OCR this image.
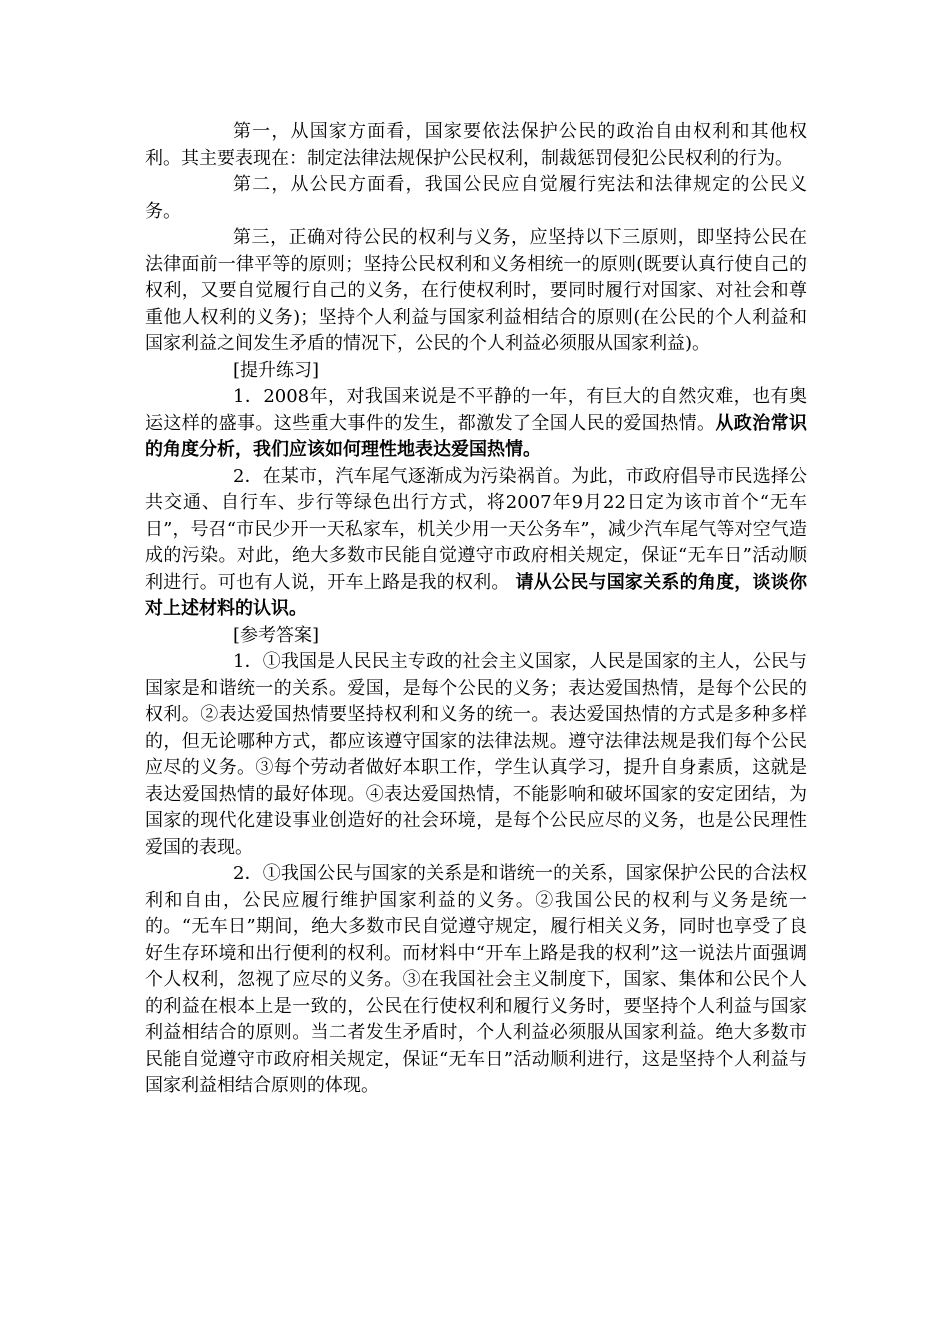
第一，从国家方面看，国家要依法保护公民的政治自由权利和其他权利。其主要表现在：制定法律法规保护公民权利，制裁惩罚侵犯公民权利的行为。

第二，从公民方面看，我国公民应自觉履行宪法和法律规定的公民义务。

第三，正确对待公民的权利与义务，应坚持以下三原则，即坚持公民在法律面前一律平等的原则；坚持公民权利和义务相统一的原则(既要认真行使自己的权利，又要自觉履行自己的义务，在行使权利时，要同时履行对国家、对社会和尊重他人权利的义务)；坚持个人利益与国家利益相结合的原则(在公民的个人利益和国家利益之间发生矛盾的情况下，公民的个人利益必须服从国家利益)。

[提升练习]

1．2008年，对我国来说是不平静的一年，有巨大的自然灾难，也有奥运这样的盛事。这些重大事件的发生，都激发了全国人民的爱国热情。从政治常识的角度分析，我们应该如何理性地表达爱国热情。

2．在某市，汽车尾气逐渐成为污染祸首。为此，市政府倡导市民选择公共交通、自行车、步行等绿色出行方式，将2007年9月22日定为该市首个“无车日”，号召“市民少开一天私家车，机关少用一天公务车”，减少汽车尾气等对空气造成的污染。对此，绝大多数市民能自觉遵守市政府相关规定，保证“无车日”活动顺利进行。可也有人说，开车上路是我的权利。 请从公民与国家关系的角度，谈谈你对上述材料的认识。

[参考答案]

1．①我国是人民民主专政的社会主义国家，人民是国家的主人，公民与国家是和谐统一的关系。爱国，是每个公民的义务；表达爱国热情，是每个公民的权利。②表达爱国热情要坚持权利和义务的统一。表达爱国热情的方式是多种多样的，但无论哪种方式，都应该遵守国家的法律法规。遵守法律法规是我们每个公民应尽的义务。③每个劳动者做好本职工作，学生认真学习，提升自身素质，这就是表达爱国热情的最好体现。④表达爱国热情，不能影响和破坏国家的安定团结，为国家的现代化建设事业创造好的社会环境，是每个公民应尽的义务，也是公民理性爱国的表现。

2．①我国公民与国家的关系是和谐统一的关系，国家保护公民的合法权利和自由，公民应履行维护国家利益的义务。②我国公民的权利与义务是统一的。“无车日”期间，绝大多数市民自觉遵守规定，履行相关义务，同时也享受了良好生存环境和出行便利的权利。而材料中“开车上路是我的权利”这一说法片面强调个人权利，忽视了应尽的义务。③在我国社会主义制度下，国家、集体和公民个人的利益在根本上是一致的，公民在行使权利和履行义务时，要坚持个人利益与国家利益相结合的原则。当二者发生矛盾时，个人利益必须服从国家利益。绝大多数市民能自觉遵守市政府相关规定，保证“无车日”活动顺利进行，这是坚持个人利益与国家利益相结合原则的体现。
